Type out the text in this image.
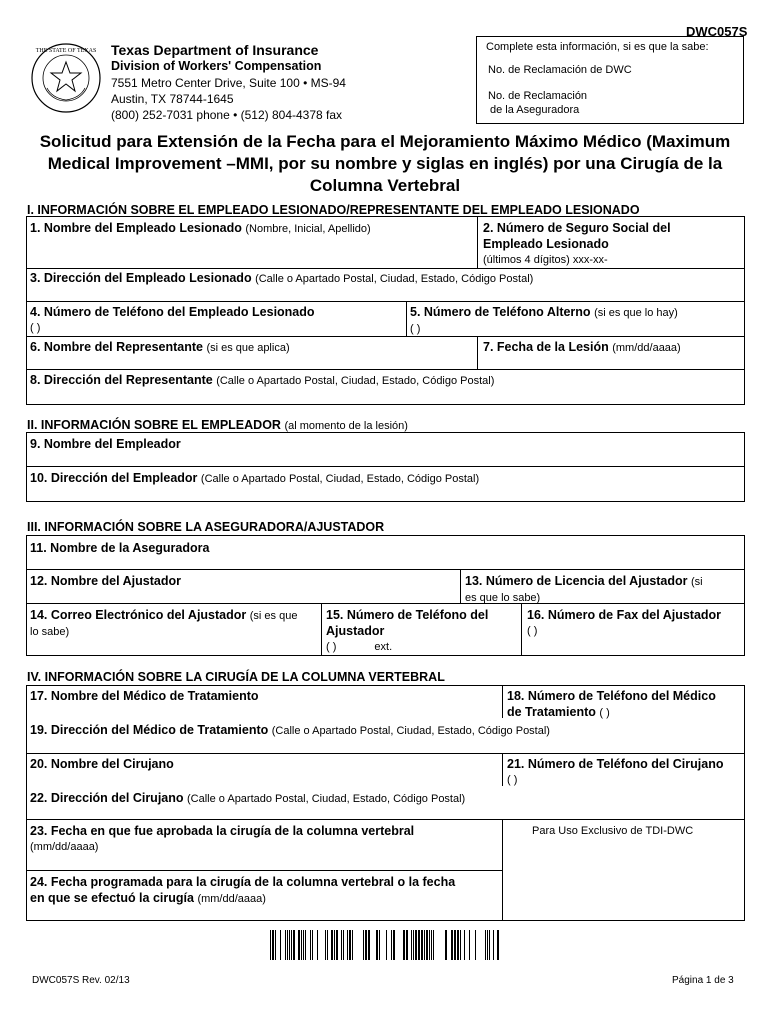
DWC057S
THE STATE OF TEXAS Texas Department of Insurance
Division of Workers' Compensation
7551 Metro Center Drive, Suite 100 • MS-94
Austin, TX 78744-1645
(800) 252-7031 phone • (512) 804-4378 fax
Complete esta información, si es que la sabe:
No. de Reclamación de DWC
No. de Reclamación
de la Aseguradora
Solicitud para Extensión de la Fecha para el Mejoramiento Máximo Médico (Maximum
Medical Improvement –MMI, por su nombre y siglas en inglés) por una Cirugía de la
Columna Vertebral
I. INFORMACIÓN SOBRE EL EMPLEADO LESIONADO/REPRESENTANTE DEL EMPLEADO LESIONADO
1. Nombre del Empleado Lesionado (Nombre, Inicial, Apellido)	2. Número de Seguro Social del
Empleado Lesionado
(últimos 4 dígitos) xxx-xx-
3. Dirección del Empleado Lesionado (Calle o Apartado Postal, Ciudad, Estado, Código Postal)
4. Número de Teléfono del Empleado Lesionado
( )
5. Número de Teléfono Alterno (si es que lo hay)
( )
6. Nombre del Representante (si es que aplica)	7. Fecha de la Lesión (mm/dd/aaaa)
8. Dirección del Representante (Calle o Apartado Postal, Ciudad, Estado, Código Postal)
II. INFORMACIÓN SOBRE EL EMPLEADOR (al momento de la lesión)
9. Nombre del Empleador
10. Dirección del Empleador (Calle o Apartado Postal, Ciudad, Estado, Código Postal)
III. INFORMACIÓN SOBRE LA ASEGURADORA/AJUSTADOR
11. Nombre de la Aseguradora
12. Nombre del Ajustador	13. Número de Licencia del Ajustador (si
es que lo sabe)
14. Correo Electrónico del Ajustador (si es que
lo sabe)
15. Número de Teléfono del
Ajustador
( )	ext.
16. Número de Fax del Ajustador
( )
IV. INFORMACIÓN SOBRE LA CIRUGÍA DE LA COLUMNA VERTEBRAL
17. Nombre del Médico de Tratamiento	18. Número de Teléfono del Médico
de Tratamiento ( )
19. Dirección del Médico de Tratamiento (Calle o Apartado Postal, Ciudad, Estado, Código Postal)
20. Nombre del Cirujano	21. Número de Teléfono del Cirujano
( )
22. Dirección del Cirujano (Calle o Apartado Postal, Ciudad, Estado, Código Postal)
23. Fecha en que fue aprobada la cirugía de la columna vertebral
(mm/dd/aaaa)
Para Uso Exclusivo de TDI-DWC
24. Fecha programada para la cirugía de la columna vertebral o la fecha
en que se efectuó la cirugía (mm/dd/aaaa)
DWC057S Rev. 02/13	Página 1 de 3
